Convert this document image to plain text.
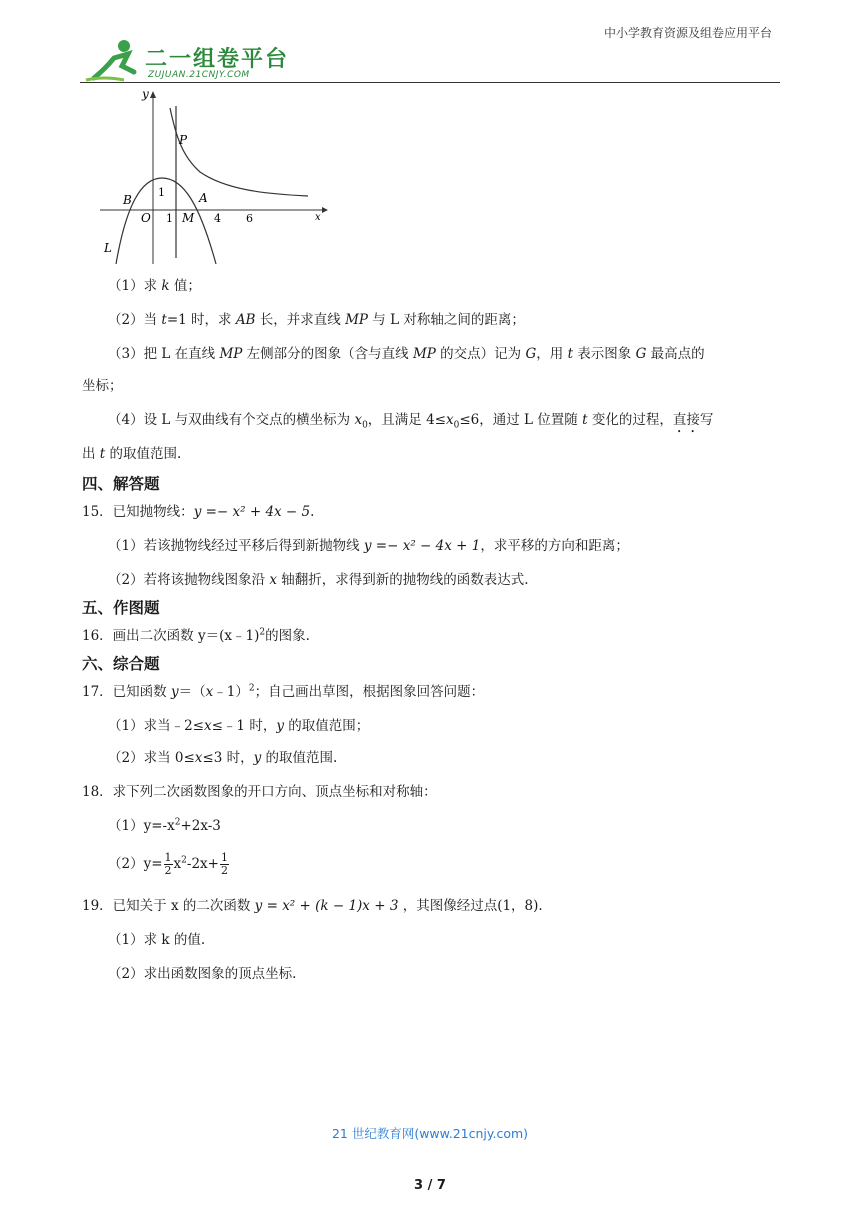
中小学教育资源及组卷应用平台
二一组卷平台
ZUJUAN.21CNJY.COM
y
x
P
B	A
O
1
1 M 4 6
L
（1）求 k 值；
（2）当 t=1 时，求 AB 长，并求直线 MP 与 L 对称轴之间的距离；
（3）把 L 在直线 MP 左侧部分的图象（含与直线 MP 的交点）记为 G，用 t 表示图象 G 最高点的
坐标；
（4）设 L 与双曲线有个交点的横坐标为 $x_0$，且满足 $4\le x_0\le 6$，通过 L 位置随 t 变化的过程，直接写
出 t 的取值范围.
四、解答题
15．已知抛物线：y =− x² + 4x − 5.
（1）若该抛物线经过平移后得到新抛物线 y =− x² − 4x + 1，求平移的方向和距离；
（2）若将该抛物线图象沿 x 轴翻折，求得到新的抛物线的函数表达式.
五、作图题
16．画出二次函数 y＝(x﹣1)$^2$的图象.
六、综合题
17．已知函数 y＝（x﹣1）$^2$；自己画出草图，根据图象回答问题：
（1）求当﹣2≤x≤﹣1 时，y 的取值范围；
（2）求当 0≤x≤3 时，y 的取值范围.
18．求下列二次函数图象的开口方向、顶点坐标和对称轴：
$(1)y=-x^2+2x-3$
$(2)y= \frac{1}{2} x^2-2x+ \frac{1}{2}$
19．已知关于 x 的二次函数 y = x² + (k − 1)x + 3 ，其图像经过点(1，8).
（1）求 k 的值.
（2）求出函数图象的顶点坐标.
21 世纪教育网(www.21cnjy.com)
3 / 7
